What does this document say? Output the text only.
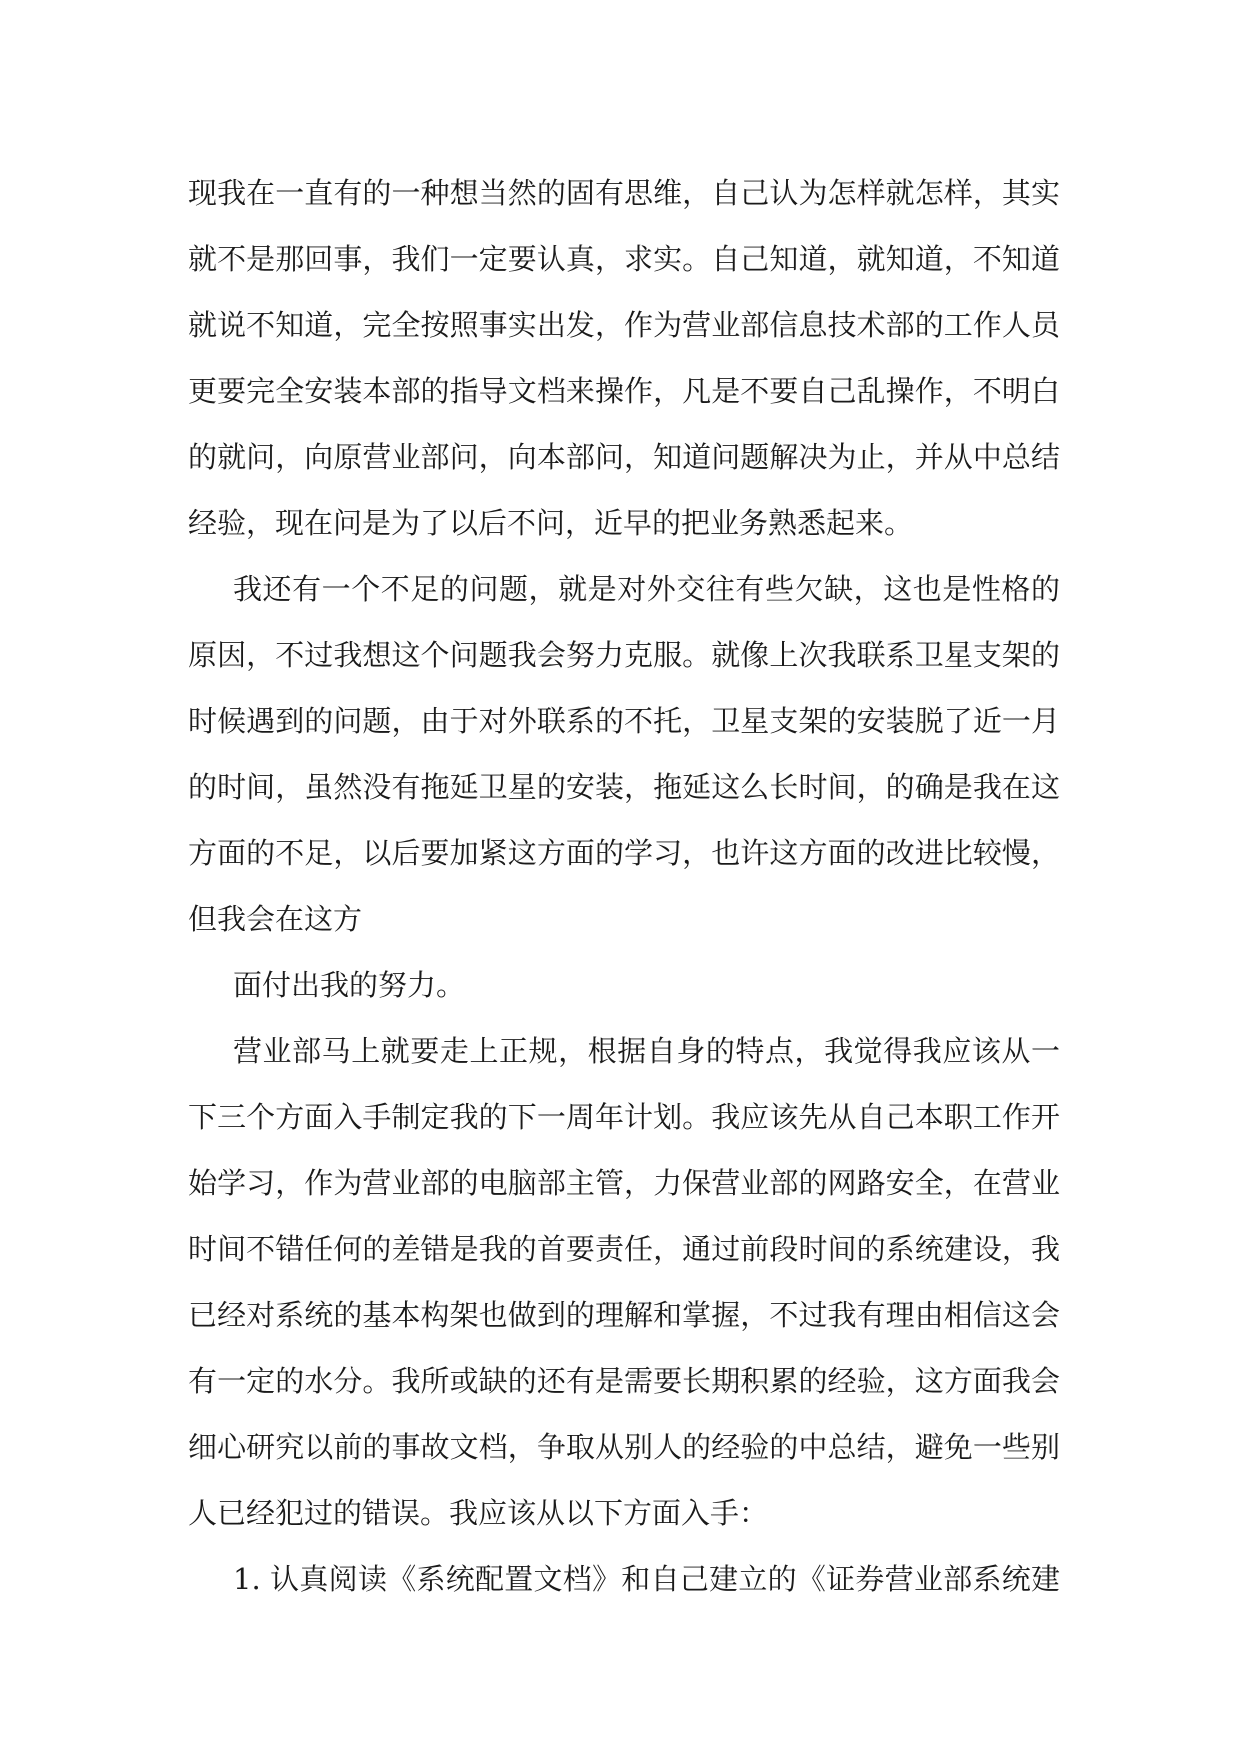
现我在一直有的一种想当然的固有思维，自己认为怎样就怎样，其实
就不是那回事，我们一定要认真，求实。自己知道，就知道，不知道
就说不知道，完全按照事实出发，作为营业部信息技术部的工作人员
更要完全安装本部的指导文档来操作，凡是不要自己乱操作，不明白
的就问，向原营业部问，向本部问，知道问题解决为止，并从中总结
经验，现在问是为了以后不问，近早的把业务熟悉起来。
我还有一个不足的问题，就是对外交往有些欠缺，这也是性格的
原因，不过我想这个问题我会努力克服。就像上次我联系卫星支架的
时候遇到的问题，由于对外联系的不托，卫星支架的安装脱了近一月
的时间，虽然没有拖延卫星的安装，拖延这么长时间，的确是我在这
方面的不足，以后要加紧这方面的学习，也许这方面的改进比较慢，
但我会在这方
面付出我的努力。
营业部马上就要走上正规，根据自身的特点，我觉得我应该从一
下三个方面入手制定我的下一周年计划。我应该先从自己本职工作开
始学习，作为营业部的电脑部主管，力保营业部的网路安全，在营业
时间不错任何的差错是我的首要责任，通过前段时间的系统建设，我
已经对系统的基本构架也做到的理解和掌握，不过我有理由相信这会
有一定的水分。我所或缺的还有是需要长期积累的经验，这方面我会
细心研究以前的事故文档，争取从别人的经验的中总结，避免一些别
人已经犯过的错误。我应该从以下方面入手：
1. 认真阅读《系统配置文档》和自己建立的《证券营业部系统建
